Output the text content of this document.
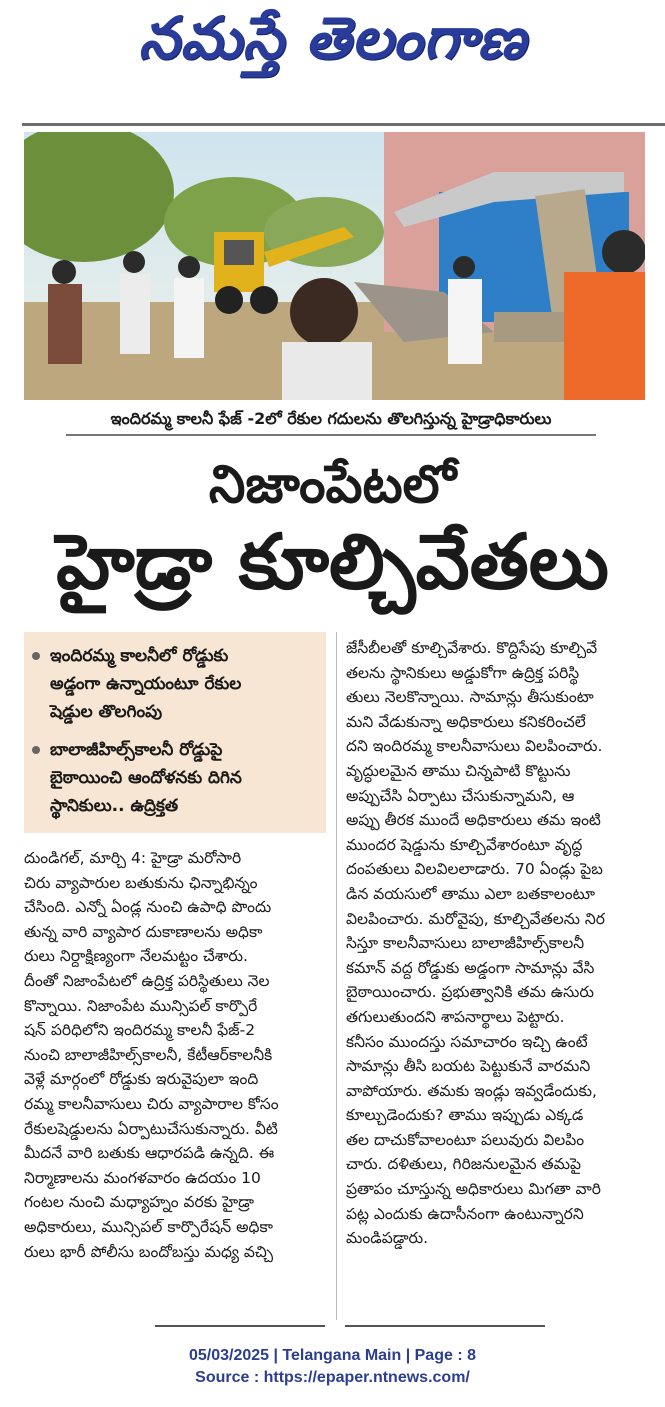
నమస్తే తెలంగాణ
ఇందిరమ్మ కాలనీ ఫేజ్ -2లో రేకుల గదులను తొలగిస్తున్న హైడ్రాధికారులు
నిజాంపేటలో
హైడ్రా కూల్చివేతలు
ఇందిరమ్మ కాలనీలో రోడ్డుకు
అడ్డంగా ఉన్నాయంటూ రేకుల
షెడ్డుల తొలగింపు
బాలాజీహిల్స్‌కాలనీ రోడ్డుపై
బైఠాయించి ఆందోళనకు దిగిన
స్థానికులు.. ఉద్రిక్తత

దుండిగల్, మార్చి 4: హైడ్రా మరోసారి

చిరు వ్యాపారుల బతుకును ఛిన్నాభిన్నం

చేసింది. ఎన్నో ఏండ్ల నుంచి ఉపాధి పొందు

తున్న వారి వ్యాపార దుకాణాలను అధికా

రులు నిర్దాక్షిణ్యంగా నేలమట్టం చేశారు.

దీంతో నిజాంపేటలో ఉద్రిక్త పరిస్థితులు నెల

కొన్నాయి. నిజాంపేట మున్సిపల్ కార్పొరే

షన్ పరిధిలోని ఇందిరమ్మ కాలనీ ఫేజ్-2

నుంచి బాలాజీహిల్స్‌కాలనీ, కేటీఆర్‌కాలనీకి

వెళ్లే మార్గంలో రోడ్డుకు ఇరువైపులా ఇంది

రమ్మ కాలనీవాసులు చిరు వ్యాపారాల కోసం

రేకులషెడ్డులను ఏర్పాటుచేసుకున్నారు. వీటి

మీదనే వారి బతుకు ఆధారపడి ఉన్నది. ఈ

నిర్మాణాలను మంగళవారం ఉదయం 10

గంటల నుంచి మధ్యాహ్నం వరకు హైడ్రా

అధికారులు, మున్సిపల్ కార్పొరేషన్ అధికా

రులు భారీ పోలీసు బందోబస్తు మధ్య వచ్చి

జేసీబీలతో కూల్చివేశారు. కొద్దిసేపు కూల్చివే

తలను స్థానికులు అడ్డుకోగా ఉద్రిక్త పరిస్థి

తులు నెలకొన్నాయి. సామాన్లు తీసుకుంటా

మని వేడుకున్నా అధికారులు కనికరించలే

దని ఇందిరమ్మ కాలనీవాసులు విలపించారు.

వృద్ధులమైన తాము చిన్నపాటి కొట్టును

అప్పుచేసి ఏర్పాటు చేసుకున్నామని, ఆ

అప్పు తీరక ముందే అధికారులు తమ ఇంటి

ముందర షెడ్డును కూల్చివేశారంటూ వృద్ధ

దంపతులు విలవిలలాడారు. 70 ఏండ్లు పైబ

డిన వయసులో తాము ఎలా బతకాలంటూ

విలపించారు. మరోవైపు, కూల్చివేతలను నిర

సిస్తూ కాలనీవాసులు బాలాజీహిల్స్‌కాలనీ

కమాన్ వద్ద రోడ్డుకు అడ్డంగా సామాన్లు వేసి

బైఠాయించారు. ప్రభుత్వానికి తమ ఉసురు

తగులుతుందని శాపనార్థాలు పెట్టారు.

కనీసం ముందస్తు సమాచారం ఇచ్చి ఉంటే

సామాన్లు తీసి బయట పెట్టుకునే వారమని

వాపోయారు. తమకు ఇండ్లు ఇవ్వడేందుకు,

కూల్చుడెందుకు? తాము ఇప్పుడు ఎక్కడ

తల దాచుకోవాలంటూ పలువురు విలపిం

చారు. దళితులు, గిరిజనులమైన తమపై

ప్రతాపం చూస్తున్న అధికారులు మిగతా వారి

పట్ల ఎందుకు ఉదాసీనంగా ఉంటున్నారని

మండిపడ్డారు.

05/03/2025 | Telangana Main | Page : 8
Source : https://epaper.ntnews.com/
